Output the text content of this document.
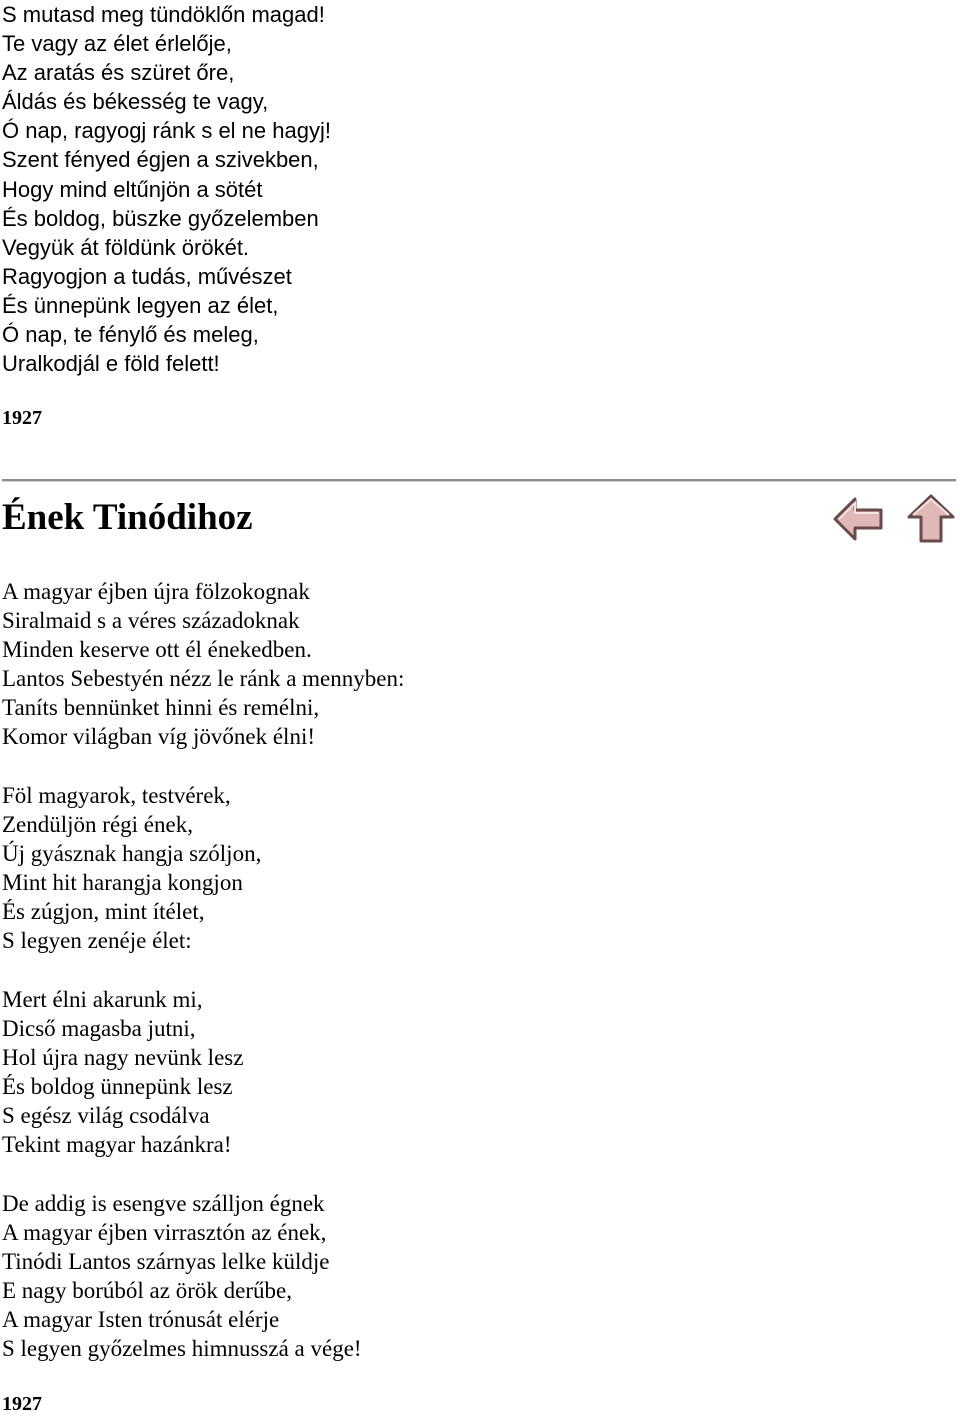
S mutasd meg tündöklőn magad!
Te vagy az élet érlelője,
Az aratás és szüret őre,
Áldás és békesség te vagy,
Ó nap, ragyogj ránk s el ne hagyj!
Szent fényed égjen a szivekben,
Hogy mind eltűnjön a sötét
És boldog, büszke győzelemben
Vegyük át földünk örökét.
Ragyogjon a tudás, művészet
És ünnepünk legyen az élet,
Ó nap, te fénylő és meleg,
Uralkodjál e föld felett!

1927

Ének Tinódihoz
A magyar éjben újra fölzokognak
Siralmaid s a véres századoknak
Minden keserve ott él énekedben.
Lantos Sebestyén nézz le ránk a mennyben:
Taníts bennünket hinni és remélni,
Komor világban víg jövőnek élni!
Föl magyarok, testvérek,
Zendüljön régi ének,
Új gyásznak hangja szóljon,
Mint hit harangja kongjon
És zúgjon, mint ítélet,
S legyen zenéje élet:
Mert élni akarunk mi,
Dicső magasba jutni,
Hol újra nagy nevünk lesz
És boldog ünnepünk lesz
S egész világ csodálva
Tekint magyar hazánkra!
De addig is esengve szálljon égnek
A magyar éjben virrasztón az ének,
Tinódi Lantos szárnyas lelke küldje
E nagy borúból az örök derűbe,
A magyar Isten trónusát elérje
S legyen győzelmes himnusszá a vége!

1927
